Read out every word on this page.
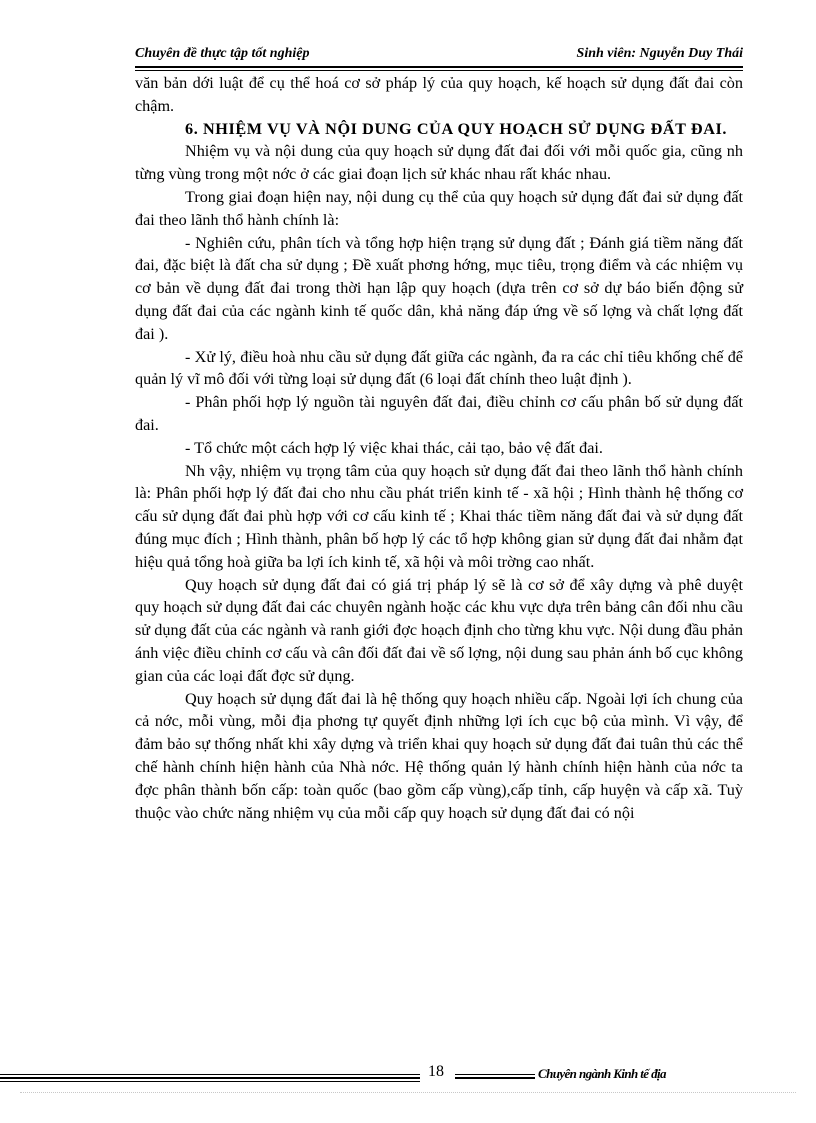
Chuyên đề thực tập tốt nghiệp	Sinh viên: Nguyễn Duy Thái

văn bản dới luật để cụ thể hoá cơ sở pháp lý của quy hoạch, kế hoạch sử dụng đất đai còn chậm.

6. NHIỆM VỤ VÀ NỘI DUNG CỦA QUY HOẠCH SỬ DỤNG ĐẤT ĐAI.

Nhiệm vụ và nội dung của quy hoạch sử dụng đất đai đối với mỗi quốc gia, cũng nh từng vùng trong một nớc ở các giai đoạn lịch sử khác nhau rất khác nhau.

Trong giai đoạn hiện nay, nội dung cụ thể của quy hoạch sử dụng đất đai sử dụng đất đai theo lãnh thổ hành chính là:

- Nghiên cứu, phân tích và tổng hợp hiện trạng sử dụng đất ; Đánh giá tiềm năng đất đai, đặc biệt là đất cha sử dụng ; Đề xuất phơng hớng, mục tiêu, trọng điểm và các nhiệm vụ cơ bản về dụng đất đai trong thời hạn lập quy hoạch (dựa trên cơ sở dự báo biến động sử dụng đất đai của các ngành kinh tế quốc dân, khả năng đáp ứng về số lợng và chất lợng đất đai ).

- Xử lý, điều hoà nhu cầu sử dụng đất giữa các ngành, đa ra các chỉ tiêu khống chế để quản lý vĩ mô đối với từng loại sử dụng đất (6 loại đất chính theo luật định ).

- Phân phối hợp lý nguồn tài nguyên đất đai, điều chỉnh cơ cấu phân bố sử dụng đất đai.

- Tổ chức một cách hợp lý việc khai thác, cải tạo, bảo vệ đất đai.

Nh vậy, nhiệm vụ trọng tâm của quy hoạch sử dụng đất đai theo lãnh thổ hành chính là: Phân phối hợp lý đất đai cho nhu cầu phát triển kinh tế - xã hội ; Hình thành hệ thống cơ cấu sử dụng đất đai phù hợp với cơ cấu kinh tế ; Khai thác tiềm năng đất đai và sử dụng đất đúng mục đích ; Hình thành, phân bố hợp lý các tổ hợp không gian sử dụng đất đai nhằm đạt hiệu quả tổng hoà giữa ba lợi ích kinh tế, xã hội và môi trờng cao nhất.

Quy hoạch sử dụng đất đai có giá trị pháp lý sẽ là cơ sở để xây dựng và phê duyệt quy hoạch sử dụng đất đai các chuyên ngành hoặc các khu vực dựa trên bảng cân đối nhu cầu sử dụng đất của các ngành và ranh giới đợc hoạch định cho từng khu vực. Nội dung đầu phản ánh việc điều chỉnh cơ cấu và cân đối đất đai về số lợng, nội dung sau phản ánh bố cục không gian của các loại đất đợc sử dụng.

Quy hoạch sử dụng đất đai là hệ thống quy hoạch nhiều cấp. Ngoài lợi ích chung của cả nớc, mỗi vùng, mỗi địa phơng tự quyết định những lợi ích cục bộ của mình. Vì vậy, để đảm bảo sự thống nhất khi xây dựng và triển khai quy hoạch sử dụng đất đai tuân thủ các thể chế hành chính hiện hành của Nhà nớc. Hệ thống quản lý hành chính hiện hành của nớc ta đợc phân thành bốn cấp: toàn quốc (bao gồm cấp vùng),cấp tỉnh, cấp huyện và cấp xã. Tuỳ thuộc vào chức năng nhiệm vụ của mỗi cấp quy hoạch sử dụng đất đai có nội

18	Chuyên ngành Kinh tế địa
